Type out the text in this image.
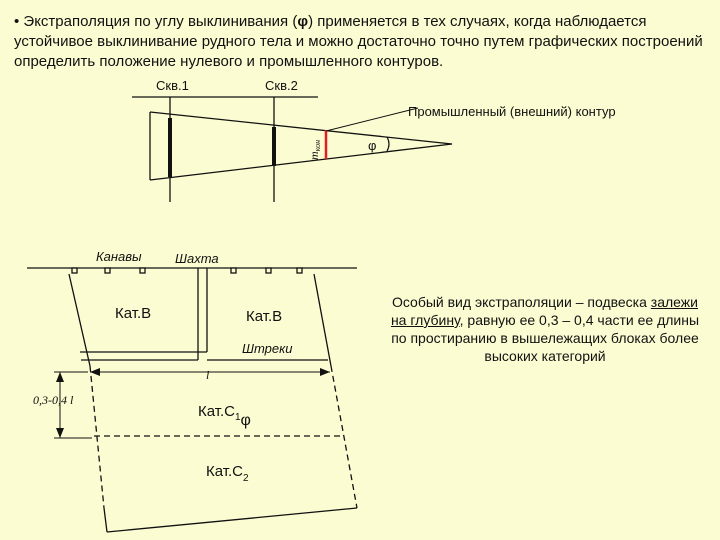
• Экстраполяция по углу выклинивания (φ) применяется в тех случаях, когда наблюдается устойчивое выклинивание рудного тела и можно достаточно точно путем графических построений определить положение нулевого и промышленного контуров.

Скв.1	Скв.2
Промышленный (внешний) контур
mкон	φ
Канавы	Шахта
Кат.В	Кат.В
Штреки
l
0,3-0,4 l
$Кат.С_1\varphi$
$Кат.С_2$
Особый вид экстраполяции – подвеска залежи на глубину, равную ее 0,3 – 0,4 части ее длины по простиранию в вышележащих блоках более высоких категорий
